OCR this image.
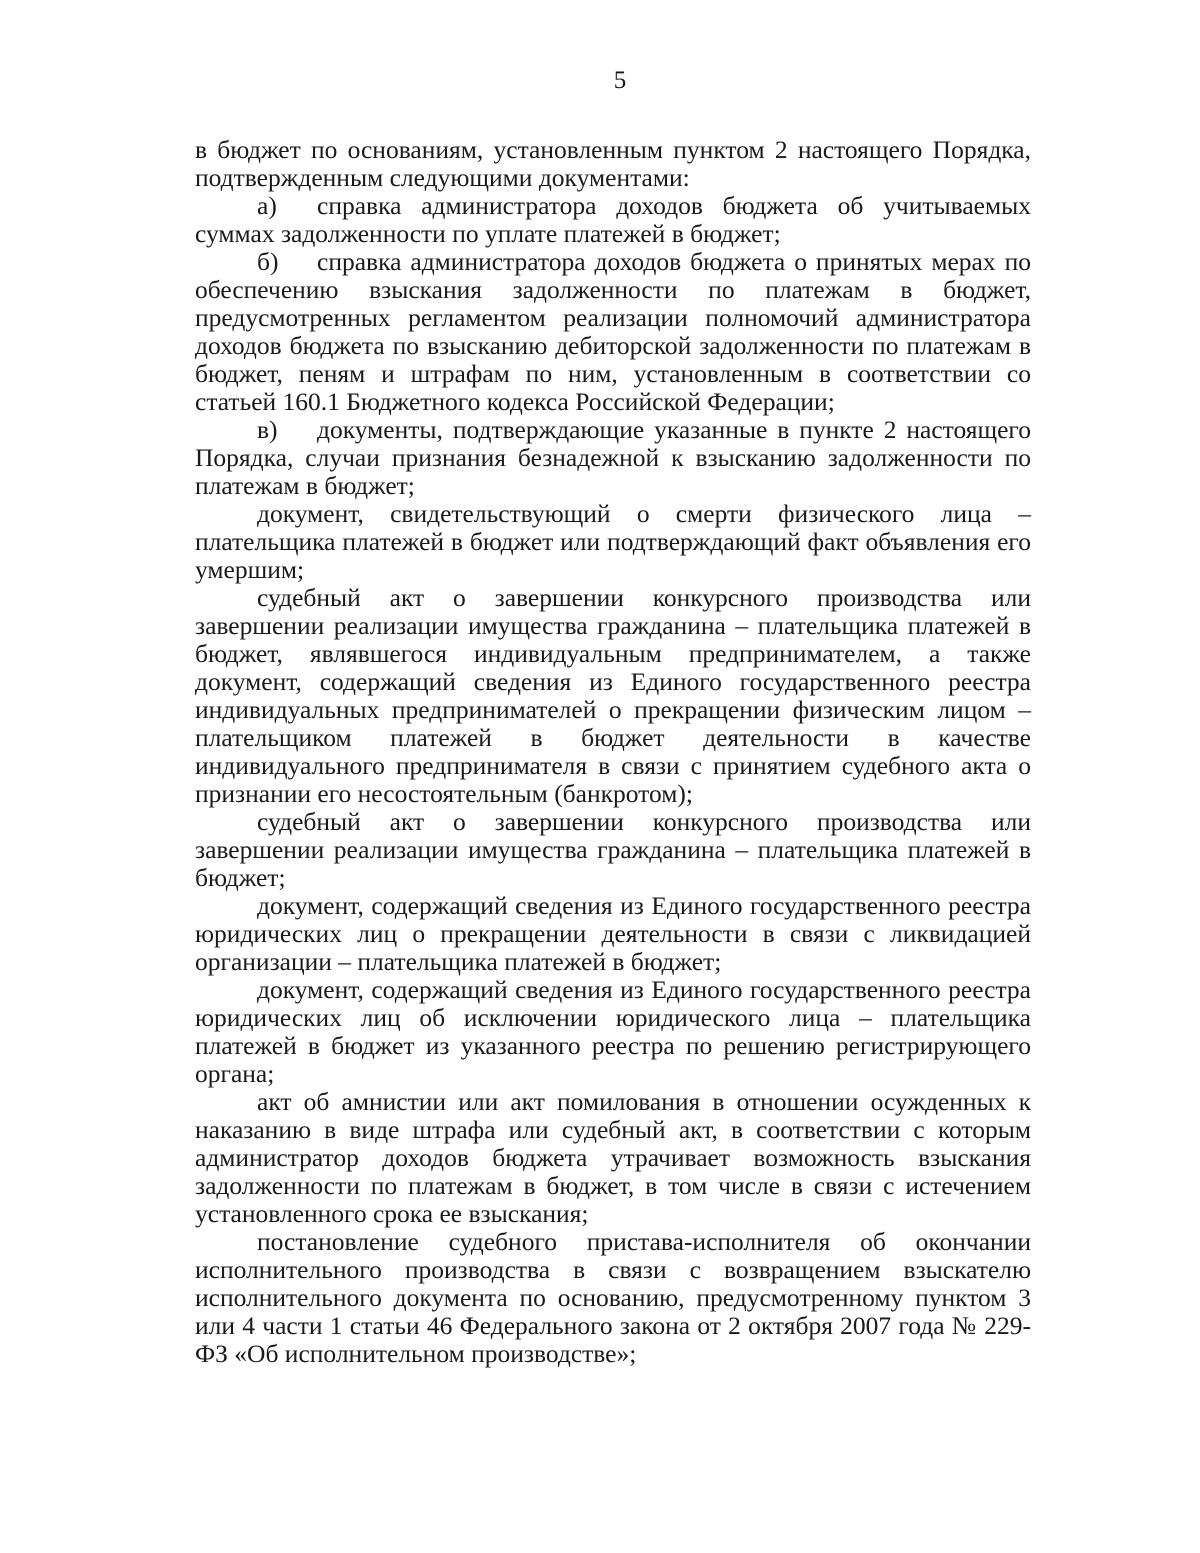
5

в бюджет по основаниям, установленным пунктом 2 настоящего Порядка, подтвержденным следующими документами:

а) справка администратора доходов бюджета об учитываемых суммах задолженности по уплате платежей в бюджет;

б) справка администратора доходов бюджета о принятых мерах по обеспечению взыскания задолженности по платежам в бюджет, предусмотренных регламентом реализации полномочий администратора доходов бюджета по взысканию дебиторской задолженности по платежам в бюджет, пеням и штрафам по ним, установленным в соответствии со статьей 160.1 Бюджетного кодекса Российской Федерации;

в) документы, подтверждающие указанные в пункте 2 настоящего Порядка, случаи признания безнадежной к взысканию задолженности по платежам в бюджет;

документ, свидетельствующий о смерти физического лица – плательщика платежей в бюджет или подтверждающий факт объявления его умершим;

судебный акт о завершении конкурсного производства или завершении реализации имущества гражданина – плательщика платежей в бюджет, являвшегося индивидуальным предпринимателем, а также документ, содержащий сведения из Единого государственного реестра индивидуальных предпринимателей о прекращении физическим лицом – плательщиком платежей в бюджет деятельности в качестве индивидуального предпринимателя в связи с принятием судебного акта о признании его несостоятельным (банкротом);

судебный акт о завершении конкурсного производства или завершении реализации имущества гражданина – плательщика платежей в бюджет;

документ, содержащий сведения из Единого государственного реестра юридических лиц о прекращении деятельности в связи с ликвидацией организации – плательщика платежей в бюджет;

документ, содержащий сведения из Единого государственного реестра юридических лиц об исключении юридического лица – плательщика платежей в бюджет из указанного реестра по решению регистрирующего органа;

акт об амнистии или акт помилования в отношении осужденных к наказанию в виде штрафа или судебный акт, в соответствии с которым администратор доходов бюджета утрачивает возможность взыскания задолженности по платежам в бюджет, в том числе в связи с истечением установленного срока ее взыскания;

постановление судебного пристава-исполнителя об окончании исполнительного производства в связи с возвращением взыскателю исполнительного документа по основанию, предусмотренному пунктом 3 или 4 части 1 статьи 46 Федерального закона от 2 октября 2007 года № 229-ФЗ «Об исполнительном производстве»;
